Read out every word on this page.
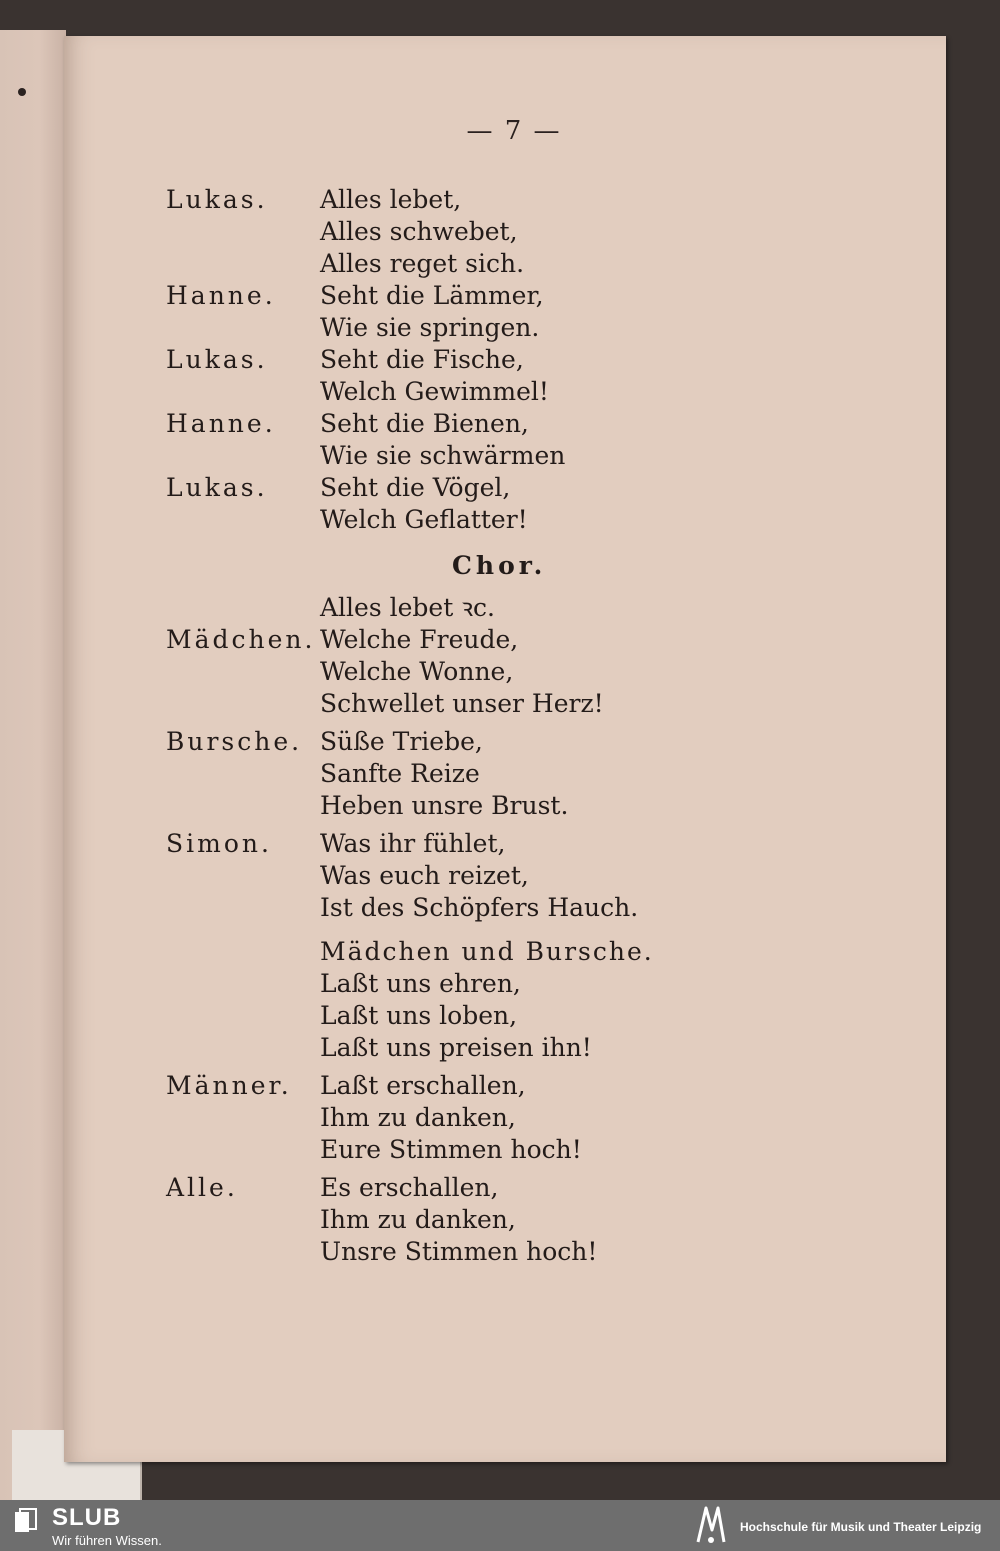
— 7 —
Lukas. Alles lebet,
Alles schwebet,
Alles reget sich.
Hanne. Seht die Lämmer,
Wie sie springen.
Lukas. Seht die Fische,
Welch Gewimmel!
Hanne. Seht die Bienen,
Wie sie schwärmen
Lukas. Seht die Vögel,
Welch Geflatter!
Chor.
Alles lebet ꝛc.
Mädchen. Welche Freude,
Welche Wonne,
Schwellet unser Herz!
Bursche. Süße Triebe,
Sanfte Reize
Heben unsre Brust.
Simon. Was ihr fühlet,
Was euch reizet,
Ist des Schöpfers Hauch.
Mädchen und Bursche.
Laßt uns ehren,
Laßt uns loben,
Laßt uns preisen ihn!
Männer. Laßt erschallen,
Ihm zu danken,
Eure Stimmen hoch!
Alle.	Es erschallen,
Ihm zu danken,
Unsre Stimmen hoch!
SLUB
Wir führen Wissen.
Hochschule für Musik und Theater Leipzig
